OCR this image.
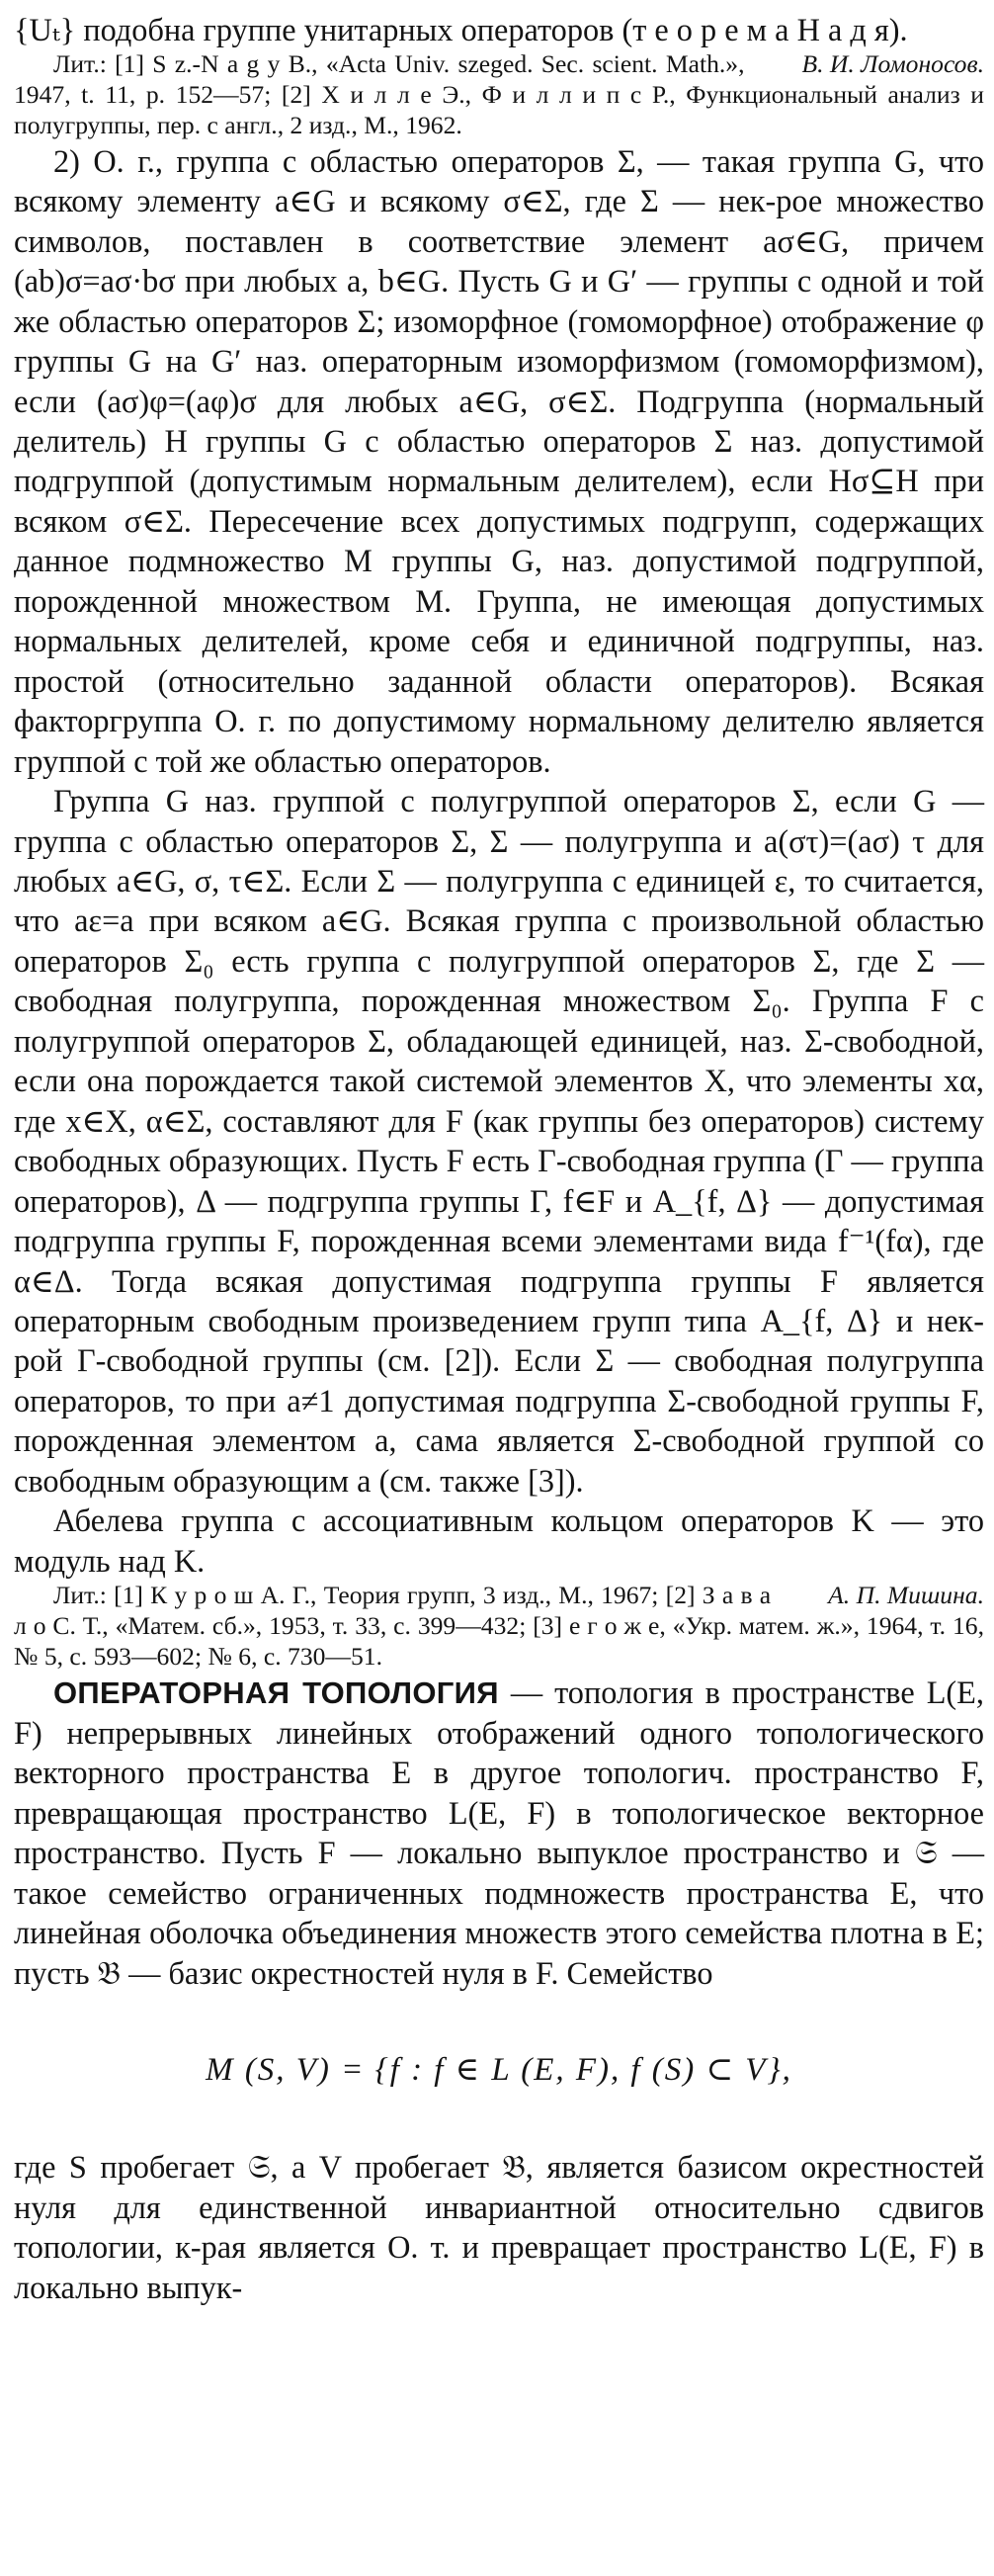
{Uₜ} подобна группе унитарных операторов (т е о р е м а Н а д я).

В. И. Ломоносов.
Лит.: [1] S z.-N a g y B., «Acta Univ. szeged. Sec. scient. Math.», 1947, t. 11, p. 152—57; [2] Х и л л е Э., Ф и л л и п с Р., Функциональный анализ и полугруппы, пер. с англ., 2 изд., М., 1962.

2) О. г., группа с областью операторов Σ, — такая группа G, что всякому элементу a∈G и всякому σ∈Σ, где Σ — нек-рое множество символов, поставлен в соответствие элемент aσ∈G, причем (ab)σ=aσ·bσ при любых a, b∈G. Пусть G и G′ — группы с одной и той же областью операторов Σ; изоморфное (гомоморфное) отображение φ группы G на G′ наз. операторным изоморфизмом (гомоморфизмом), если (aσ)φ=(aφ)σ для любых a∈G, σ∈Σ. Подгруппа (нормальный делитель) H группы G с областью операторов Σ наз. допустимой подгруппой (допустимым нормальным делителем), если Hσ⊆H при всяком σ∈Σ. Пересечение всех допустимых подгрупп, содержащих данное подмножество M группы G, наз. допустимой подгруппой, порожденной множеством M. Группа, не имеющая допустимых нормальных делителей, кроме себя и единичной подгруппы, наз. простой (относительно заданной области операторов). Всякая факторгруппа О. г. по допустимому нормальному делителю является группой с той же областью операторов.

Группа G наз. группой с полугруппой операторов Σ, если G — группа с областью операторов Σ, Σ — полугруппа и a(στ)=(aσ) τ для любых a∈G, σ, τ∈Σ. Если Σ — полугруппа с единицей ε, то считается, что aε=a при всяком a∈G. Всякая группа с произвольной областью операторов Σ₀ есть группа с полугруппой операторов Σ, где Σ — свободная полугруппа, порожденная множеством Σ₀. Группа F с полугруппой операторов Σ, обладающей единицей, наз. Σ-свободной, если она порождается такой системой элементов X, что элементы xα, где x∈X, α∈Σ, составляют для F (как группы без операторов) систему свободных образующих. Пусть F есть Γ-свободная группа (Γ — группа операторов), Δ — подгруппа группы Γ, f∈F и A_{f, Δ} — допустимая подгруппа группы F, порожденная всеми элементами вида f⁻¹(fα), где α∈Δ. Тогда всякая допустимая подгруппа группы F является операторным свободным произведением групп типа A_{f, Δ} и нек-рой Γ-свободной группы (см. [2]). Если Σ — свободная полугруппа операторов, то при a≠1 допустимая подгруппа Σ-свободной группы F, порожденная элементом a, сама является Σ-свободной группой со свободным образующим a (см. также [3]).

Абелева группа с ассоциативным кольцом операторов K — это модуль над K.

А. П. Мишина.
Лит.: [1] К у р о ш А. Г., Теория групп, 3 изд., М., 1967; [2] З а в а л о С. Т., «Матем. сб.», 1953, т. 33, с. 399—432; [3] е г о ж е, «Укр. матем. ж.», 1964, т. 16, № 5, с. 593—602; № 6, с. 730—51.

ОПЕРАТОРНАЯ ТОПОЛОГИЯ — топология в пространстве L(E, F) непрерывных линейных отображений одного топологического векторного пространства E в другое топологич. пространство F, превращающая пространство L(E, F) в топологическое векторное пространство. Пусть F — локально выпуклое пространство и 𝔖 — такое семейство ограниченных подмножеств пространства E, что линейная оболочка объединения множеств этого семейства плотна в E; пусть 𝔅 — базис окрестностей нуля в F. Семейство

M (S, V) = {f : f ∈ L (E, F), f (S) ⊂ V},

где S пробегает 𝔖, а V пробегает 𝔅, является базисом окрестностей нуля для единственной инвариантной относительно сдвигов топологии, к-рая является О. т. и превращает пространство L(E, F) в локально выпук-
